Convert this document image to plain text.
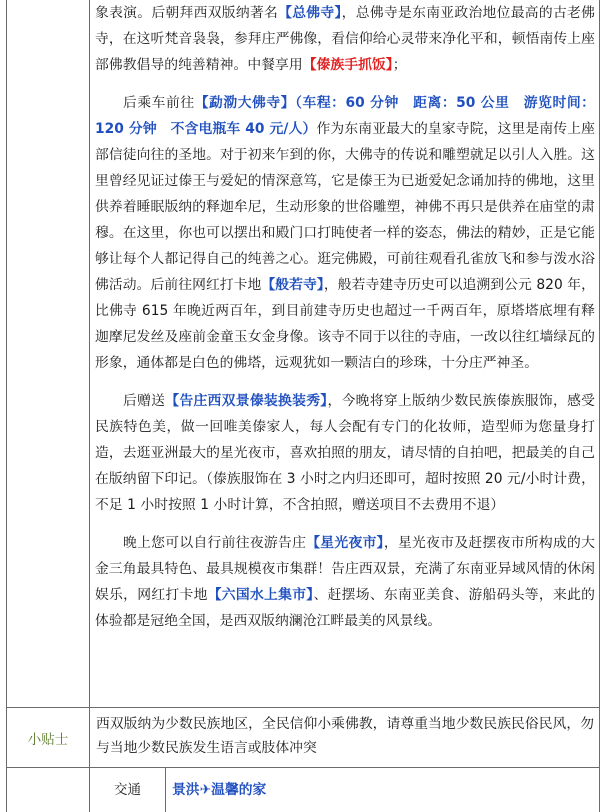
象表演。后朝拜西双版纳著名【总佛寺】，总佛寺是东南亚政治地位最高的古老佛寺，在这听梵音袅袅，参拜庄严佛像，看信仰给心灵带来净化平和，顿悟南传上座部佛教倡导的纯善精神。中餐享用【傣族手抓饭】；

后乘车前往【勐泐大佛寺】（车程：60 分钟　距离：50 公里　游览时间：120 分钟　不含电瓶车 40 元/人）作为东南亚最大的皇家寺院，这里是南传上座部信徒向往的圣地。对于初来乍到的你，大佛寺的传说和雕塑就足以引人入胜。这里曾经见证过傣王与爱妃的情深意笃，它是傣王为已逝爱妃念诵加持的佛地，这里供养着睡眠版纳的释迦牟尼，生动形象的世俗雕塑，神佛不再只是供养在庙堂的肃穆。在这里，你也可以摆出和殿门口打盹使者一样的姿态，佛法的精妙，正是它能够让每个人都记得自己的纯善之心。逛完佛殿，可前往观看孔雀放飞和参与泼水浴佛活动。后前往网红打卡地【般若寺】，般若寺建寺历史可以追溯到公元 820 年，比佛寺 615 年晚近两百年，到目前建寺历史也超过一千两百年，原塔塔底埋有释迦摩尼发丝及座前金童玉女金身像。该寺不同于以往的寺庙，一改以往红墙绿瓦的形象，通体都是白色的佛塔，远观犹如一颗洁白的珍珠，十分庄严神圣。

后赠送【告庄西双景傣装换装秀】，今晚将穿上版纳少数民族傣族服饰，感受民族特色美，做一回唯美傣家人，每人会配有专门的化妆师，造型师为您量身打造，去逛亚洲最大的星光夜市，喜欢拍照的朋友，请尽情的自拍吧，把最美的自己在版纳留下印记。（傣族服饰在 3 小时之内归还即可，超时按照 20 元/小时计费，不足 1 小时按照 1 小时计算，不含拍照，赠送项目不去费用不退）

晚上您可以自行前往夜游告庄【星光夜市】，星光夜市及赶摆夜市所构成的大金三角最具特色、最具规模夜市集群！告庄西双景，充满了东南亚异域风情的休闲娱乐，网红打卡地【六国水上集市】、赶摆场、东南亚美食、游船码头等，来此的体验都是冠绝全国，是西双版纳澜沧江畔最美的风景线。

小贴士
西双版纳为少数民族地区，全民信仰小乘佛教，请尊重当地少数民族民俗民风，勿与当地少数民族发生语言或肢体冲突
交通	景洪✈温馨的家
